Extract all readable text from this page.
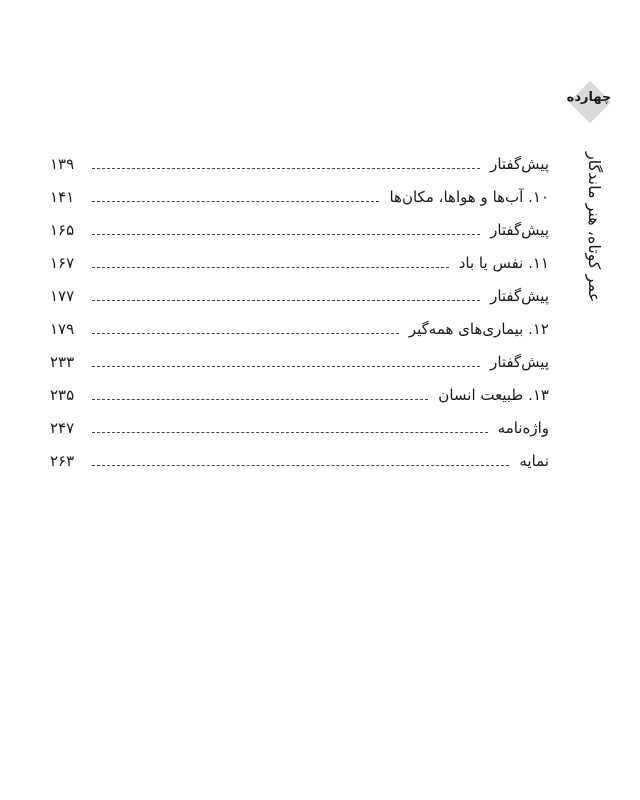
چهارده
عمر کوتاه، هنر ماندگار
پیش‌گفتار
۱۳۹
۱۰. آب‌ها و هواها، مکان‌ها
۱۴۱
پیش‌گفتار
۱۶۵
۱۱. نفس یا باد
۱۶۷
پیش‌گفتار
۱۷۷
۱۲. بیماری‌های همه‌گیر
۱۷۹
پیش‌گفتار
۲۳۳
۱۳. طبیعت انسان
۲۳۵
واژه‌نامه
۲۴۷
نمایه
۲۶۳
